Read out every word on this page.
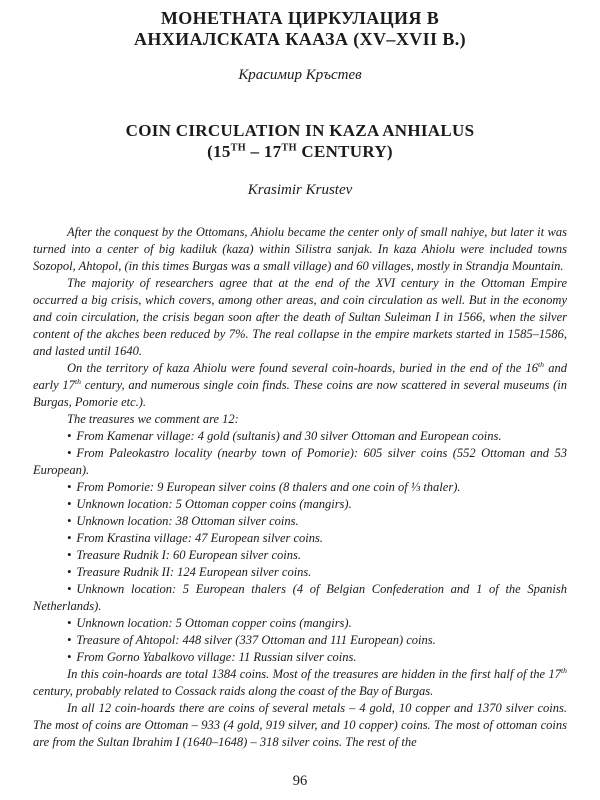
МОНЕТНАТА ЦИРКУЛАЦИЯ В
АНХИАЛСКАТА КААЗА (XV–XVII В.)
Красимир Кръстев
COIN CIRCULATION IN KAZA ANHIALUS
(15TH – 17TH CENTURY)
Krasimir Krustev

After the conquest by the Ottomans, Ahiolu became the center only of small nahiye, but later it was turned into a center of big kadiluk (kaza) within Silistra sanjak. In kaza Ahiolu were included towns Sozopol, Ahtopol, (in this times Burgas was a small village) and 60 villages, mostly in Strandja Mountain.

The majority of researchers agree that at the end of the XVI century in the Ottoman Empire occurred a big crisis, which covers, among other areas, and coin circulation as well. But in the economy and coin circulation, the crisis began soon after the death of Sultan Suleiman I in 1566, when the silver content of the akches been reduced by 7%. The real collapse in the empire markets started in 1585–1586, and lasted until 1640.

On the territory of kaza Ahiolu were found several coin-hoards, buried in the end of the 16th and early 17th century, and numerous single coin finds. These coins are now scattered in several museums (in Burgas, Pomorie etc.).

The treasures we comment are 12:

• From Kamenar village: 4 gold (sultanis) and 30 silver Ottoman and European coins.

• From Paleokastro locality (nearby town of Pomorie): 605 silver coins (552 Ottoman and 53 European).

• From Pomorie: 9 European silver coins (8 thalers and one coin of ⅓ thaler).

• Unknown location: 5 Ottoman copper coins (mangirs).

• Unknown location: 38 Ottoman silver coins.

• From Krastina village: 47 European silver coins.

• Treasure Rudnik I: 60 European silver coins.

• Treasure Rudnik II: 124 European silver coins.

• Unknown location: 5 European thalers (4 of Belgian Confederation and 1 of the Spanish Netherlands).

• Unknown location: 5 Ottoman copper coins (mangirs).

• Treasure of Ahtopol: 448 silver (337 Ottoman and 111 European) coins.

• From Gorno Yabalkovo village: 11 Russian silver coins.

In this coin-hoards are total 1384 coins. Most of the treasures are hidden in the first half of the 17th century, probably related to Cossack raids along the coast of the Bay of Burgas.

In all 12 coin-hoards there are coins of several metals – 4 gold, 10 copper and 1370 silver coins. The most of coins are Ottoman – 933 (4 gold, 919 silver, and 10 copper) coins. The most of ottoman coins are from the Sultan Ibrahim I (1640–1648) – 318 silver coins. The rest of the

96
